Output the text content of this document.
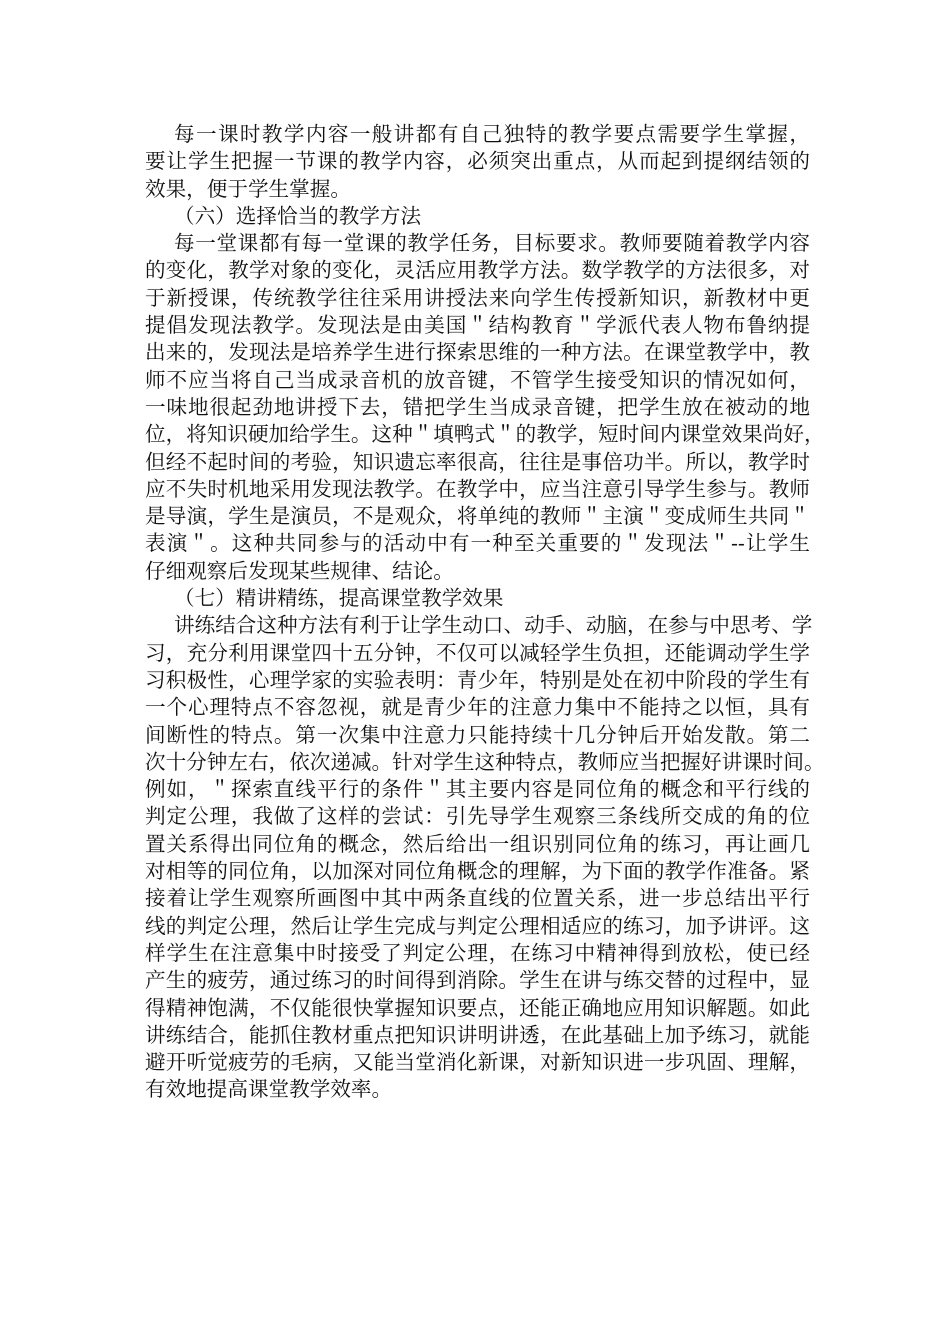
每一课时教学内容一般讲都有自己独特的教学要点需要学生掌握，
要让学生把握一节课的教学内容，必须突出重点，从而起到提纲结领的
效果，便于学生掌握。
（六）选择恰当的教学方法
每一堂课都有每一堂课的教学任务，目标要求。教师要随着教学内容
的变化，教学对象的变化，灵活应用教学方法。数学教学的方法很多，对
于新授课，传统教学往往采用讲授法来向学生传授新知识，新教材中更
提倡发现法教学。发现法是由美国＂结构教育＂学派代表人物布鲁纳提
出来的，发现法是培养学生进行探索思维的一种方法。在课堂教学中，教
师不应当将自己当成录音机的放音键，不管学生接受知识的情况如何，
一味地很起劲地讲授下去，错把学生当成录音键，把学生放在被动的地
位，将知识硬加给学生。这种＂填鸭式＂的教学，短时间内课堂效果尚好，
但经不起时间的考验，知识遗忘率很高，往往是事倍功半。所以，教学时
应不失时机地采用发现法教学。在教学中，应当注意引导学生参与。教师
是导演，学生是演员，不是观众，将单纯的教师＂主演＂变成师生共同＂
表演＂。这种共同参与的活动中有一种至关重要的＂发现法＂--让学生
仔细观察后发现某些规律、结论。
（七）精讲精练，提高课堂教学效果
讲练结合这种方法有利于让学生动口、动手、动脑，在参与中思考、学
习，充分利用课堂四十五分钟，不仅可以减轻学生负担，还能调动学生学
习积极性，心理学家的实验表明：青少年，特别是处在初中阶段的学生有
一个心理特点不容忽视，就是青少年的注意力集中不能持之以恒，具有
间断性的特点。第一次集中注意力只能持续十几分钟后开始发散。第二
次十分钟左右，依次递减。针对学生这种特点，教师应当把握好讲课时间。
例如，＂探索直线平行的条件＂其主要内容是同位角的概念和平行线的
判定公理，我做了这样的尝试：引先导学生观察三条线所交成的角的位
置关系得出同位角的概念，然后给出一组识别同位角的练习，再让画几
对相等的同位角，以加深对同位角概念的理解，为下面的教学作准备。紧
接着让学生观察所画图中其中两条直线的位置关系，进一步总结出平行
线的判定公理，然后让学生完成与判定公理相适应的练习，加予讲评。这
样学生在注意集中时接受了判定公理，在练习中精神得到放松，使已经
产生的疲劳，通过练习的时间得到消除。学生在讲与练交替的过程中，显
得精神饱满，不仅能很快掌握知识要点，还能正确地应用知识解题。如此
讲练结合，能抓住教材重点把知识讲明讲透，在此基础上加予练习，就能
避开听觉疲劳的毛病，又能当堂消化新课，对新知识进一步巩固、理解，
有效地提高课堂教学效率。
